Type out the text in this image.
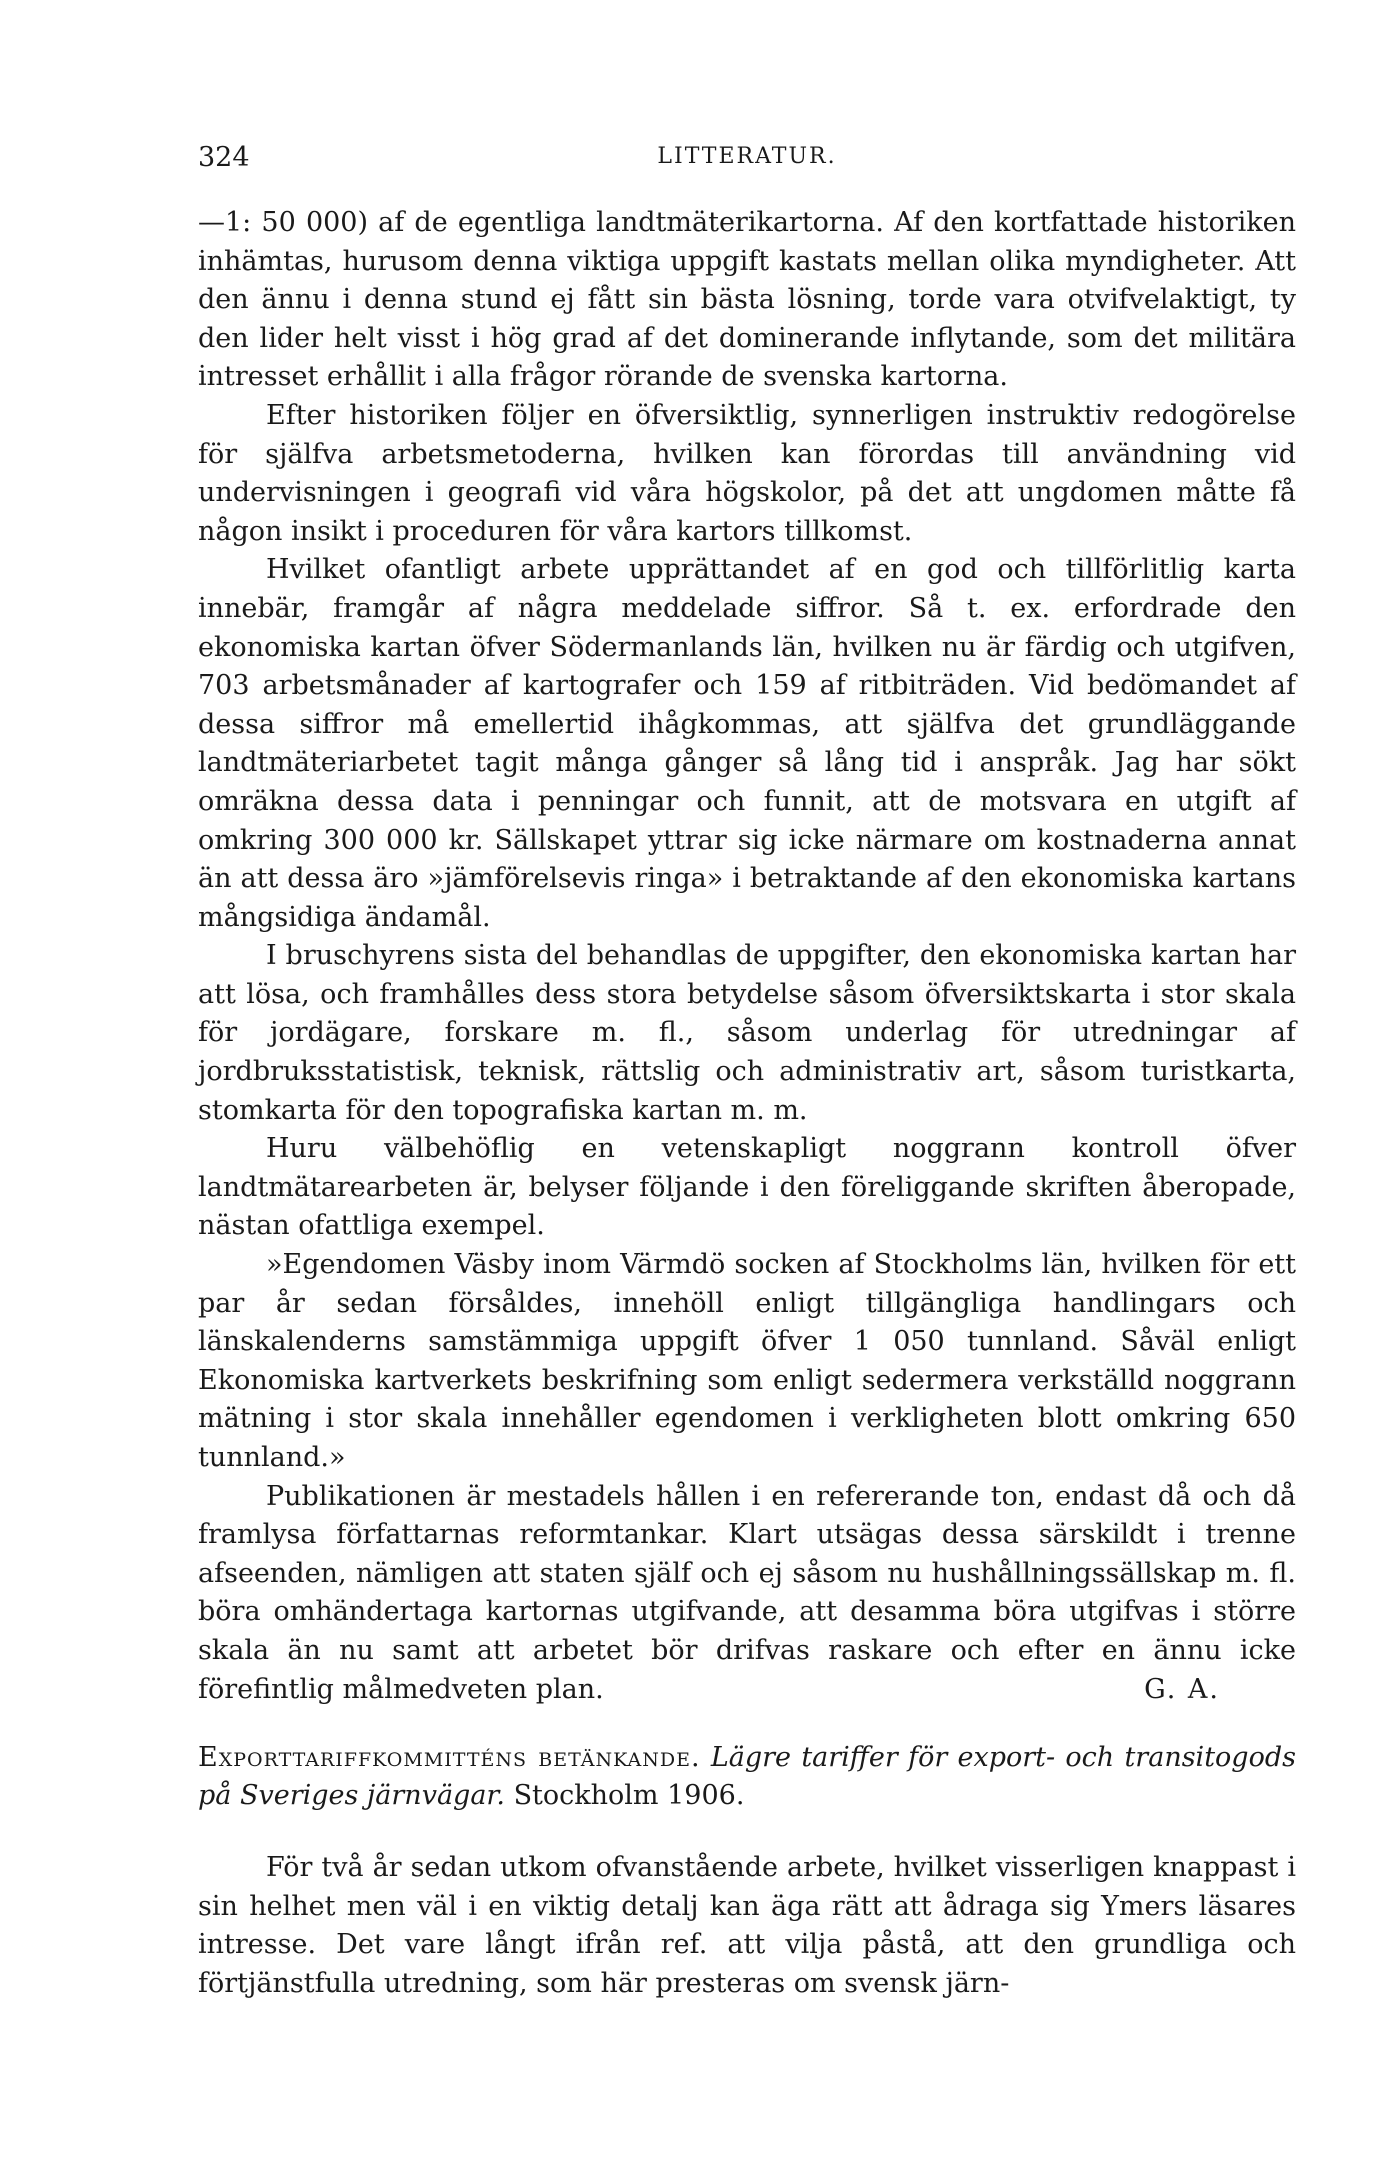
324	LITTERATUR.

—1: 50 000) af de egentliga landtmäterikartorna. Af den kortfattade historiken inhämtas, hurusom denna viktiga uppgift kastats mellan olika myndigheter. Att den ännu i denna stund ej fått sin bästa lösning, torde vara otvifvelaktigt, ty den lider helt visst i hög grad af det dominerande inflytande, som det militära intresset erhållit i alla frågor rörande de svenska kartorna.

Efter historiken följer en öfversiktlig, synnerligen instruktiv redogörelse för själfva arbetsmetoderna, hvilken kan förordas till användning vid undervisningen i geografi vid våra högskolor, på det att ungdomen måtte få någon insikt i proceduren för våra kartors tillkomst.

Hvilket ofantligt arbete upprättandet af en god och tillförlitlig karta innebär, framgår af några meddelade siffror. Så t. ex. erfordrade den ekonomiska kartan öfver Södermanlands län, hvilken nu är färdig och utgifven, 703 arbetsmånader af kartografer och 159 af ritbiträden. Vid bedömandet af dessa siffror må emellertid ihågkommas, att själfva det grundläggande landtmäteriarbetet tagit många gånger så lång tid i anspråk. Jag har sökt omräkna dessa data i penningar och funnit, att de motsvara en utgift af omkring 300 000 kr. Sällskapet yttrar sig icke närmare om kostnaderna annat än att dessa äro »jämförelsevis ringa» i betraktande af den ekonomiska kartans mångsidiga ändamål.

I bruschyrens sista del behandlas de uppgifter, den ekonomiska kartan har att lösa, och framhålles dess stora betydelse såsom öfversiktskarta i stor skala för jordägare, forskare m. fl., såsom underlag för utredningar af jordbruksstatistisk, teknisk, rättslig och administrativ art, såsom turistkarta, stomkarta för den topografiska kartan m. m.

Huru välbehöflig en vetenskapligt noggrann kontroll öfver landtmätarearbeten är, belyser följande i den föreliggande skriften åberopade, nästan ofattliga exempel.

»Egendomen Väsby inom Värmdö socken af Stockholms län, hvilken för ett par år sedan försåldes, innehöll enligt tillgängliga handlingars och länskalenderns samstämmiga uppgift öfver 1 050 tunnland. Såväl enligt Ekonomiska kartverkets beskrifning som enligt sedermera verkställd noggrann mätning i stor skala innehåller egendomen i verkligheten blott omkring 650 tunnland.»

Publikationen är mestadels hållen i en refererande ton, endast då och då framlysa författarnas reformtankar. Klart utsägas dessa särskildt i trenne afseenden, nämligen att staten själf och ej såsom nu hushållningssällskap m. fl. böra omhändertaga kartornas utgifvande, att desamma böra utgifvas i större skala än nu samt att arbetet bör drifvas raskare och efter en ännu icke förefintlig målmedveten plan.	G. A.
Exporttariffkommitténs betänkande. Lägre tariffer för export- och transitogods på Sveriges järnvägar. Stockholm 1906.
För två år sedan utkom ofvanstående arbete, hvilket visserligen knappast i sin helhet men väl i en viktig detalj kan äga rätt att ådraga sig Ymers läsares intresse. Det vare långt ifrån ref. att vilja påstå, att den grundliga och förtjänstfulla utredning, som här presteras om svensk järn-
